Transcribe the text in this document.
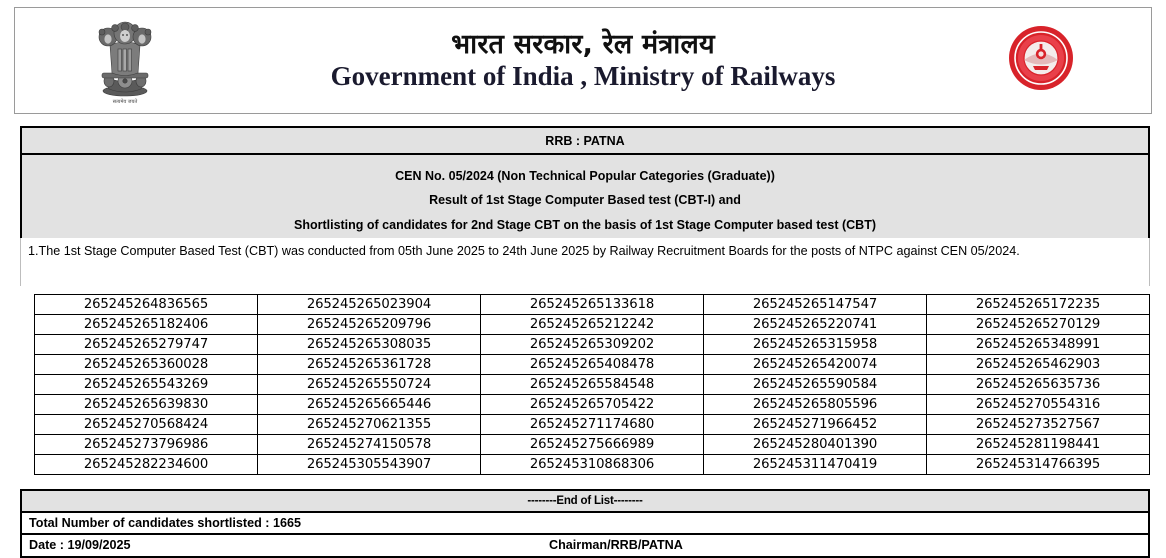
सत्यमेव जयते
भारत सरकार, रेल मंत्रालय
Government of India , Ministry of Railways
RRB : PATNA
CEN No. 05/2024 (Non Technical Popular Categories (Graduate))
Result of 1st Stage Computer Based test (CBT-I) and
Shortlisting of candidates for 2nd Stage CBT on the basis of 1st Stage Computer based test (CBT)
1.The 1st Stage Computer Based Test (CBT) was conducted from 05th June 2025 to 24th June 2025 by Railway Recruitment Boards for the posts of NTPC against CEN 05/2024.
265245264836565	265245265023904	265245265133618	265245265147547	265245265172235
265245265182406	265245265209796	265245265212242	265245265220741	265245265270129
265245265279747	265245265308035	265245265309202	265245265315958	265245265348991
265245265360028	265245265361728	265245265408478	265245265420074	265245265462903
265245265543269	265245265550724	265245265584548	265245265590584	265245265635736
265245265639830	265245265665446	265245265705422	265245265805596	265245270554316
265245270568424	265245270621355	265245271174680	265245271966452	265245273527567
265245273796986	265245274150578	265245275666989	265245280401390	265245281198441
265245282234600	265245305543907	265245310868306	265245311470419	265245314766395
--------End of List--------
Total Number of candidates shortlisted : 1665
Date : 19/09/2025	Chairman/RRB/PATNA
